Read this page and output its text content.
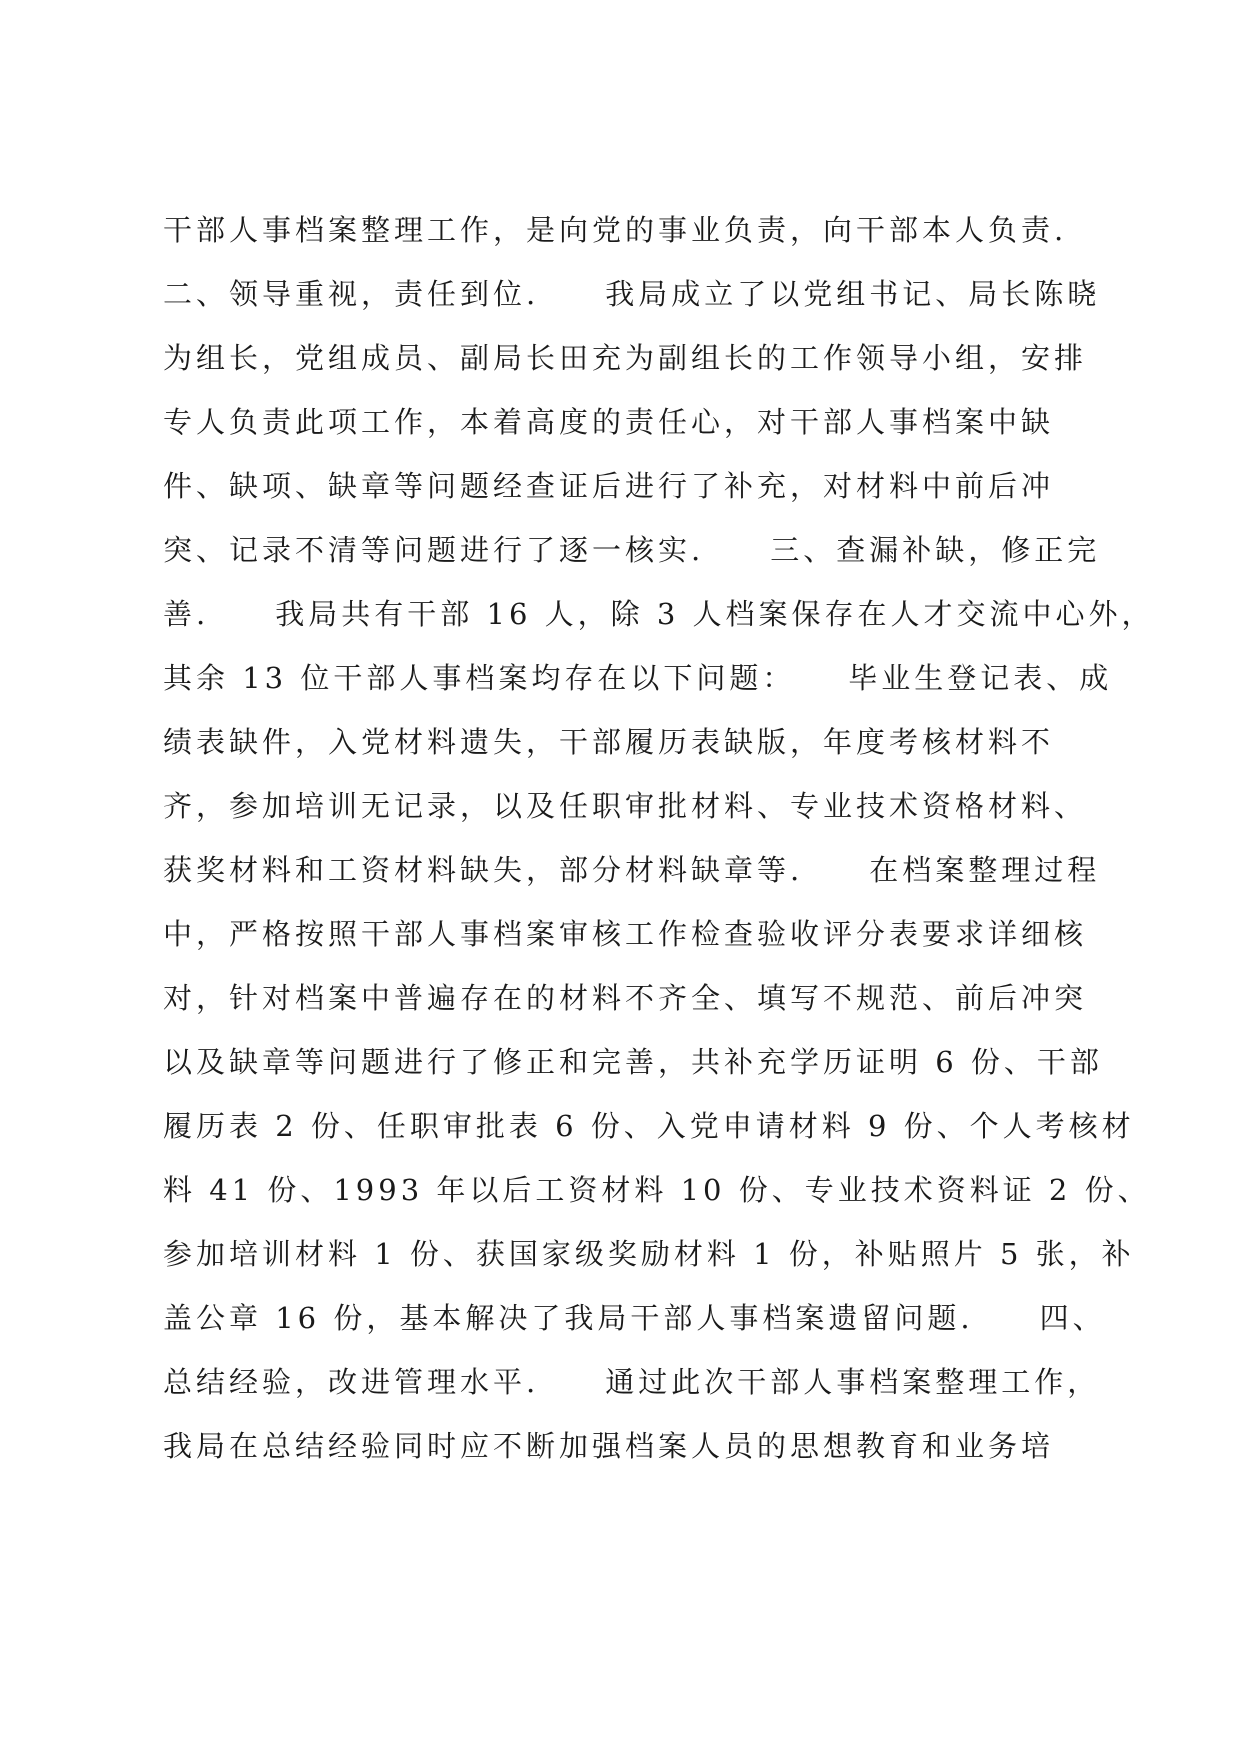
干部人事档案整理工作，是向党的事业负责，向干部本人负责.
二、领导重视，责任到位.     我局成立了以党组书记、局长陈晓
为组长，党组成员、副局长田充为副组长的工作领导小组，安排
专人负责此项工作，本着高度的责任心，对干部人事档案中缺
件、缺项、缺章等问题经查证后进行了补充，对材料中前后冲
突、记录不清等问题进行了逐一核实.     三、查漏补缺，修正完
善.     我局共有干部 16 人，除 3 人档案保存在人才交流中心外，
其余 13 位干部人事档案均存在以下问题：    毕业生登记表、成
绩表缺件，入党材料遗失，干部履历表缺版，年度考核材料不
齐，参加培训无记录，以及任职审批材料、专业技术资格材料、
获奖材料和工资材料缺失，部分材料缺章等.     在档案整理过程
中，严格按照干部人事档案审核工作检查验收评分表要求详细核
对，针对档案中普遍存在的材料不齐全、填写不规范、前后冲突
以及缺章等问题进行了修正和完善，共补充学历证明 6 份、干部
履历表 2 份、任职审批表 6 份、入党申请材料 9 份、个人考核材
料 41 份、1993 年以后工资材料 10 份、专业技术资料证 2 份、
参加培训材料 1 份、获国家级奖励材料 1 份，补贴照片 5 张，补
盖公章 16 份，基本解决了我局干部人事档案遗留问题.     四、
总结经验，改进管理水平.     通过此次干部人事档案整理工作，
我局在总结经验同时应不断加强档案人员的思想教育和业务培
